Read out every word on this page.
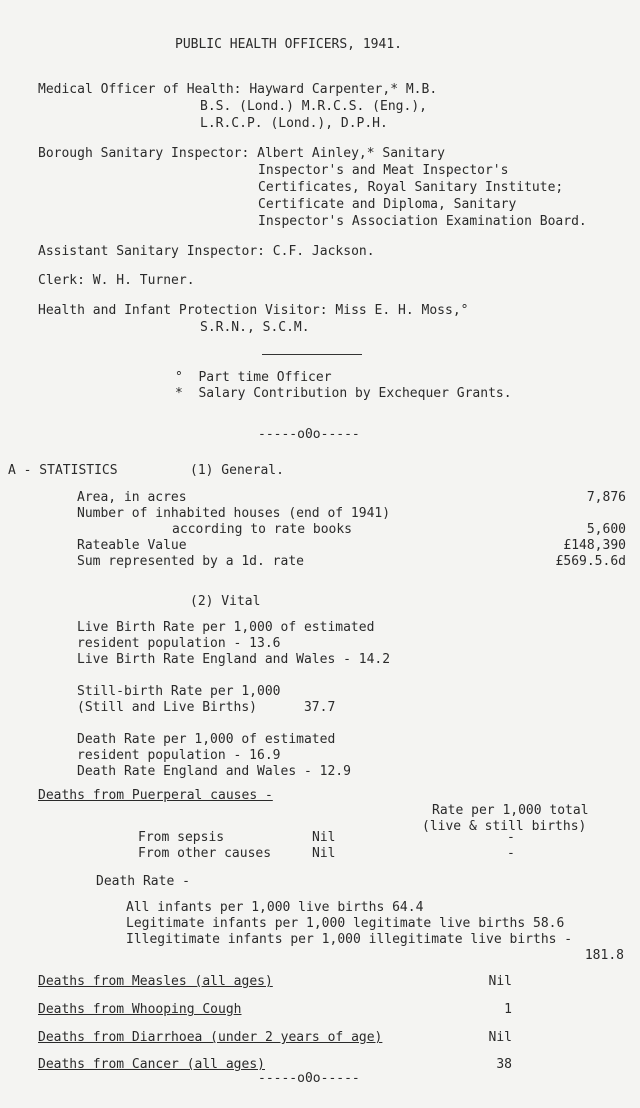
PUBLIC HEALTH OFFICERS, 1941.
Medical Officer of Health: Hayward Carpenter,* M.B.
B.S. (Lond.) M.R.C.S. (Eng.),
L.R.C.P. (Lond.), D.P.H.
Borough Sanitary Inspector: Albert Ainley,* Sanitary
Inspector's and Meat Inspector's
Certificates, Royal Sanitary Institute;
Certificate and Diploma, Sanitary
Inspector's Association Examination Board.
Assistant Sanitary Inspector: C.F. Jackson.
Clerk: W. H. Turner.
Health and Infant Protection Visitor: Miss E. H. Moss,°
S.R.N., S.C.M.
°  Part time Officer
*  Salary Contribution by Exchequer Grants.
-----o0o-----
A - STATISTICS	(1) General.
Area, in acres	7,876
Number of inhabited houses (end of 1941)
according to rate books	5,600
Rateable Value	£148,390
Sum represented by a 1d. rate	£569.5.6d
(2) Vital
Live Birth Rate per 1,000 of estimated
resident population - 13.6
Live Birth Rate England and Wales - 14.2
Still-birth Rate per 1,000
(Still and Live Births)      37.7
Death Rate per 1,000 of estimated
resident population - 16.9
Death Rate England and Wales - 12.9
Deaths from Puerperal causes -
Rate per 1,000 total
(live & still births)
From sepsis	Nil	-
From other causes	Nil	-
Death Rate -
All infants per 1,000 live births 64.4
Legitimate infants per 1,000 legitimate live births 58.6
Illegitimate infants per 1,000 illegitimate live births -
181.8
Deaths from Measles (all ages)	Nil
Deaths from Whooping Cough	1
Deaths from Diarrhoea (under 2 years of age)	Nil
Deaths from Cancer (all ages)	38
-----o0o-----
